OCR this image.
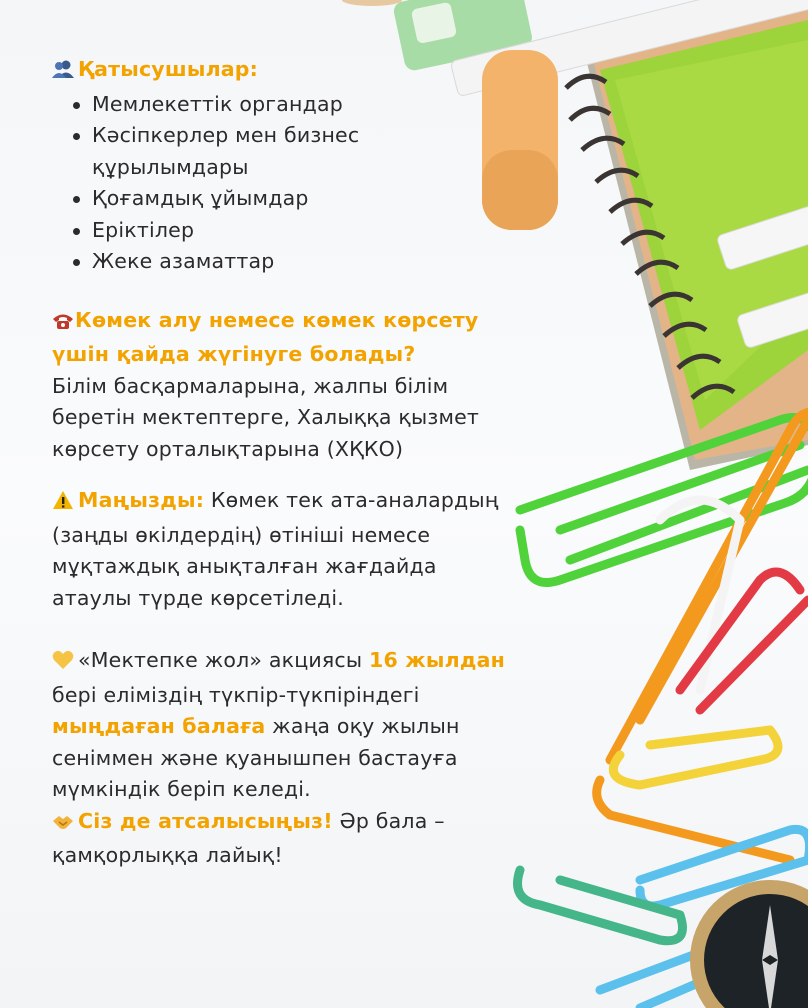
Қатысушылар:

Мемлекеттік органдар
Кәсіпкерлер мен бизнес құрылымдары
Қоғамдық ұйымдар
Еріктілер
Жеке азаматтар

Көмек алу немесе көмек көрсету үшін қайда жүгінуге болады?

Білім басқармаларына, жалпы білім беретін мектептерге, Халыққа қызмет көрсету орталықтарына (ХҚКО)

Маңызды: Көмек тек ата-аналардың (заңды өкілдердің) өтініші немесе мұқтаждық анықталған жағдайда атаулы түрде көрсетіледі.

«Мектепке жол» акциясы 16 жылдан бері еліміздің түкпір-түкпіріндегі мыңдаған балаға жаңа оқу жылын сеніммен және қуанышпен бастауға мүмкіндік беріп келеді.

Сіз де атсалысыңыз! Әр бала – қамқорлыққа лайық!
